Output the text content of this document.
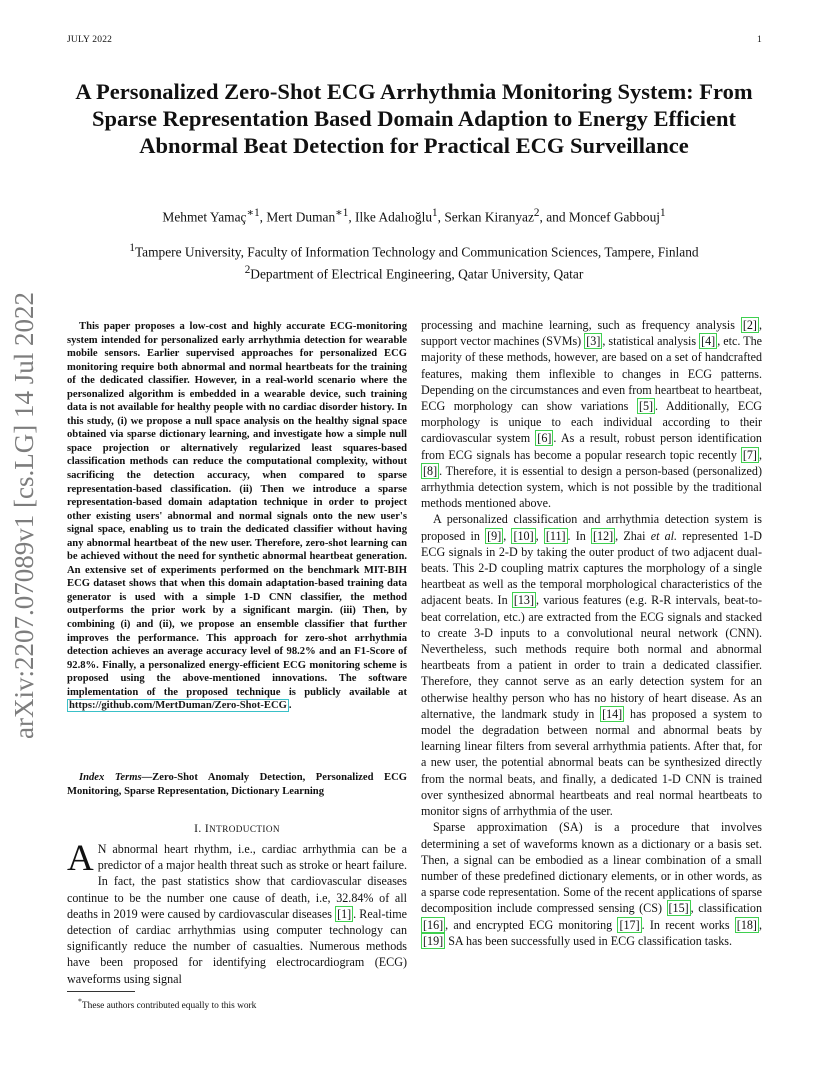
JULY 2022	1
arXiv:2207.07089v1 [cs.LG] 14 Jul 2022
A Personalized Zero-Shot ECG Arrhythmia Monitoring System: From Sparse Representation Based Domain Adaption to Energy Efficient Abnormal Beat Detection for Practical ECG Surveillance
Mehmet Yamaç$^{∗1}$, Mert Duman$^{∗1}$, Ilke Adalıoğlu$^1$, Serkan Kiranyaz$^2$, and Moncef Gabbouj$^1$
$^1$Tampere University, Faculty of Information Technology and Communication Sciences, Tampere, Finland
$^2$Department of Electrical Engineering, Qatar University, Qatar
This paper proposes a low-cost and highly accurate ECG-monitoring system intended for personalized early arrhythmia detection for wearable mobile sensors. Earlier supervised approaches for personalized ECG monitoring require both abnormal and normal heartbeats for the training of the dedicated classifier. However, in a real-world scenario where the personalized algorithm is embedded in a wearable device, such training data is not available for healthy people with no cardiac disorder history. In this study, (i) we propose a null space analysis on the healthy signal space obtained via sparse dictionary learning, and investigate how a simple null space projection or alternatively regularized least squares-based classification methods can reduce the computational complexity, without sacrificing the detection accuracy, when compared to sparse representation-based classification. (ii) Then we introduce a sparse representation-based domain adaptation technique in order to project other existing users' abnormal and normal signals onto the new user's signal space, enabling us to train the dedicated classifier without having any abnormal heartbeat of the new user. Therefore, zero-shot learning can be achieved without the need for synthetic abnormal heartbeat generation. An extensive set of experiments performed on the benchmark MIT-BIH ECG dataset shows that when this domain adaptation-based training data generator is used with a simple 1-D CNN classifier, the method outperforms the prior work by a significant margin. (iii) Then, by combining (i) and (ii), we propose an ensemble classifier that further improves the performance. This approach for zero-shot arrhythmia detection achieves an average accuracy level of 98.2% and an F1-Score of 92.8%. Finally, a personalized energy-efficient ECG monitoring scheme is proposed using the above-mentioned innovations. The software implementation of the proposed technique is publicly available at https://github.com/MertDuman/Zero-Shot-ECG .
Index Terms—Zero-Shot Anomaly Detection, Personalized ECG Monitoring, Sparse Representation, Dictionary Learning
I. INTRODUCTION
A N abnormal heart rhythm, i.e., cardiac arrhythmia can be a predictor of a major health threat such as stroke or heart failure. In fact, the past statistics show that cardiovascular diseases continue to be the number one cause of death, i.e, 32.84% of all deaths in 2019 were caused by cardiovascular diseases [1] . Real-time detection of cardiac arrhythmias using computer technology can significantly reduce the number of casualties. Numerous methods have been proposed for identifying electrocardiogram (ECG) waveforms using signal
*These authors contributed equally to this work

processing and machine learning, such as frequency analysis [2] , support vector machines (SVMs) [3] , statistical analysis [4] , etc. The majority of these methods, however, are based on a set of handcrafted features, making them inflexible to changes in ECG patterns. Depending on the circumstances and even from heartbeat to heartbeat, ECG morphology can show variations [5] . Additionally, ECG morphology is unique to each individual according to their cardiovascular system [6] . As a result, robust person identification from ECG signals has become a popular research topic recently [7] , [8] . Therefore, it is essential to design a person-based (personalized) arrhythmia detection system, which is not possible by the traditional methods mentioned above.

A personalized classification and arrhythmia detection system is proposed in [9] , [10] , [11] . In [12] , Zhai et al. represented 1-D ECG signals in 2-D by taking the outer product of two adjacent dual-beats. This 2-D coupling matrix captures the morphology of a single heartbeat as well as the temporal morphological characteristics of the adjacent beats. In [13] , various features (e.g. R-R intervals, beat-to-beat correlation, etc.) are extracted from the ECG signals and stacked to create 3-D inputs to a convolutional neural network (CNN). Nevertheless, such methods require both normal and abnormal heartbeats from a patient in order to train a dedicated classifier. Therefore, they cannot serve as an early detection system for an otherwise healthy person who has no history of heart disease. As an alternative, the landmark study in [14] has proposed a system to model the degradation between normal and abnormal beats by learning linear filters from several arrhythmia patients. After that, for a new user, the potential abnormal beats can be synthesized directly from the normal beats, and finally, a dedicated 1-D CNN is trained over synthesized abnormal heartbeats and real normal heartbeats to monitor signs of arrhythmia of the user.

Sparse approximation (SA) is a procedure that involves determining a set of waveforms known as a dictionary or a basis set. Then, a signal can be embodied as a linear combination of a small number of these predefined dictionary elements, or in other words, as a sparse code representation. Some of the recent applications of sparse decomposition include compressed sensing (CS) [15] , classification [16] , and encrypted ECG monitoring [17] . In recent works [18] , [19] SA has been successfully used in ECG classification tasks.
